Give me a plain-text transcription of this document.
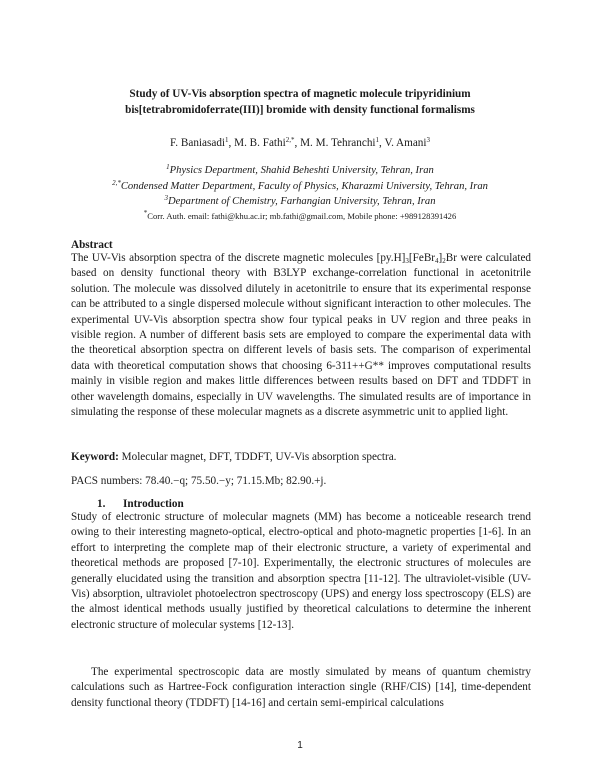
Study of UV-Vis absorption spectra of magnetic molecule tripyridinium
bis[tetrabromidoferrate(III)] bromide with density functional formalisms
F. Baniasadi$^1$, M. B. Fathi$^{2,*}$, M. M. Tehranchi$^1$, V. Amani$^3$
$^1$Physics Department, Shahid Beheshti University, Tehran, Iran
$^{2,*}$Condensed Matter Department, Faculty of Physics, Kharazmi University, Tehran, Iran
$^3$Department of Chemistry, Farhangian University, Tehran, Iran
*Corr. Auth. email: fathi@khu.ac.ir; mb.fathi@gmail.com, Mobile phone: +989128391426
Abstract

The UV-Vis absorption spectra of the discrete magnetic molecules $[py.H]_3[FeBr_4]_2Br$ were calculated based on density functional theory with B3LYP exchange-correlation functional in acetonitrile solution. The molecule was dissolved dilutely in acetonitrile to ensure that its experimental response can be attributed to a single dispersed molecule without significant interaction to other molecules. The experimental UV-Vis absorption spectra show four typical peaks in UV region and three peaks in visible region. A number of different basis sets are employed to compare the experimental data with the theoretical absorption spectra on different levels of basis sets. The comparison of experimental data with theoretical computation shows that choosing 6-311++G** improves computational results mainly in visible region and makes little differences between results based on DFT and TDDFT in other wavelength domains, especially in UV wavelengths. The simulated results are of importance in simulating the response of these molecular magnets as a discrete asymmetric unit to applied light.

Keyword: Molecular magnet, DFT, TDDFT, UV-Vis absorption spectra.
PACS numbers: 78.40.−q; 75.50.−y; 71.15.Mb; 82.90.+j.
1. Introduction

Study of electronic structure of molecular magnets (MM) has become a noticeable research trend owing to their interesting magneto-optical, electro-optical and photo-magnetic properties [1-6]. In an effort to interpreting the complete map of their electronic structure, a variety of experimental and theoretical methods are proposed [7-10]. Experimentally, the electronic structures of molecules are generally elucidated using the transition and absorption spectra [11-12]. The ultraviolet-visible (UV-Vis) absorption, ultraviolet photoelectron spectroscopy (UPS) and energy loss spectroscopy (ELS) are the almost identical methods usually justified by theoretical calculations to determine the inherent electronic structure of molecular systems [12-13].

The experimental spectroscopic data are mostly simulated by means of quantum chemistry calculations such as Hartree-Fock configuration interaction single (RHF/CIS) [14], time-dependent density functional theory (TDDFT) [14-16] and certain semi-empirical calculations

1
